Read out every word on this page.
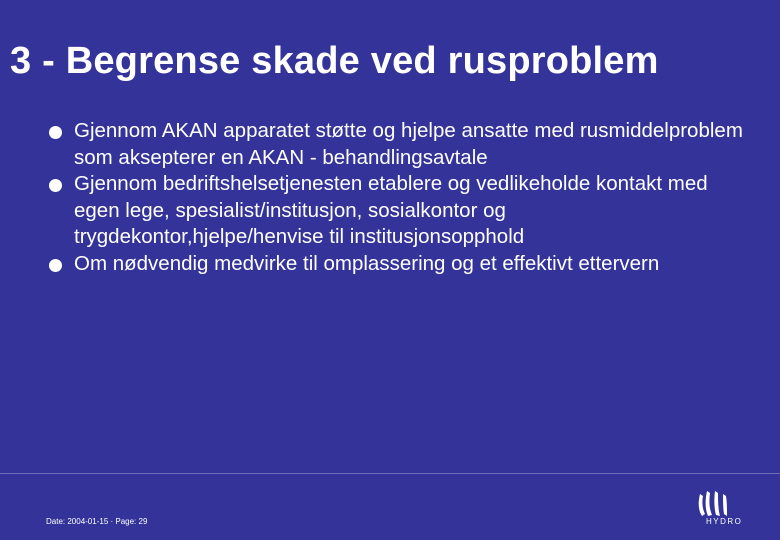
3 - Begrense skade ved rusproblem
Gjennom AKAN apparatet støtte og hjelpe ansatte med rusmiddelproblem som aksepterer en AKAN - behandlingsavtale
Gjennom bedriftshelsetjenesten etablere og vedlikeholde kontakt med egen lege, spesialist/institusjon, sosialkontor og trygdekontor,hjelpe/henvise til institusjonsopphold
Om nødvendig medvirke til omplassering og et effektivt ettervern
Date: 2004-01-15 · Page: 29	HYDRO
